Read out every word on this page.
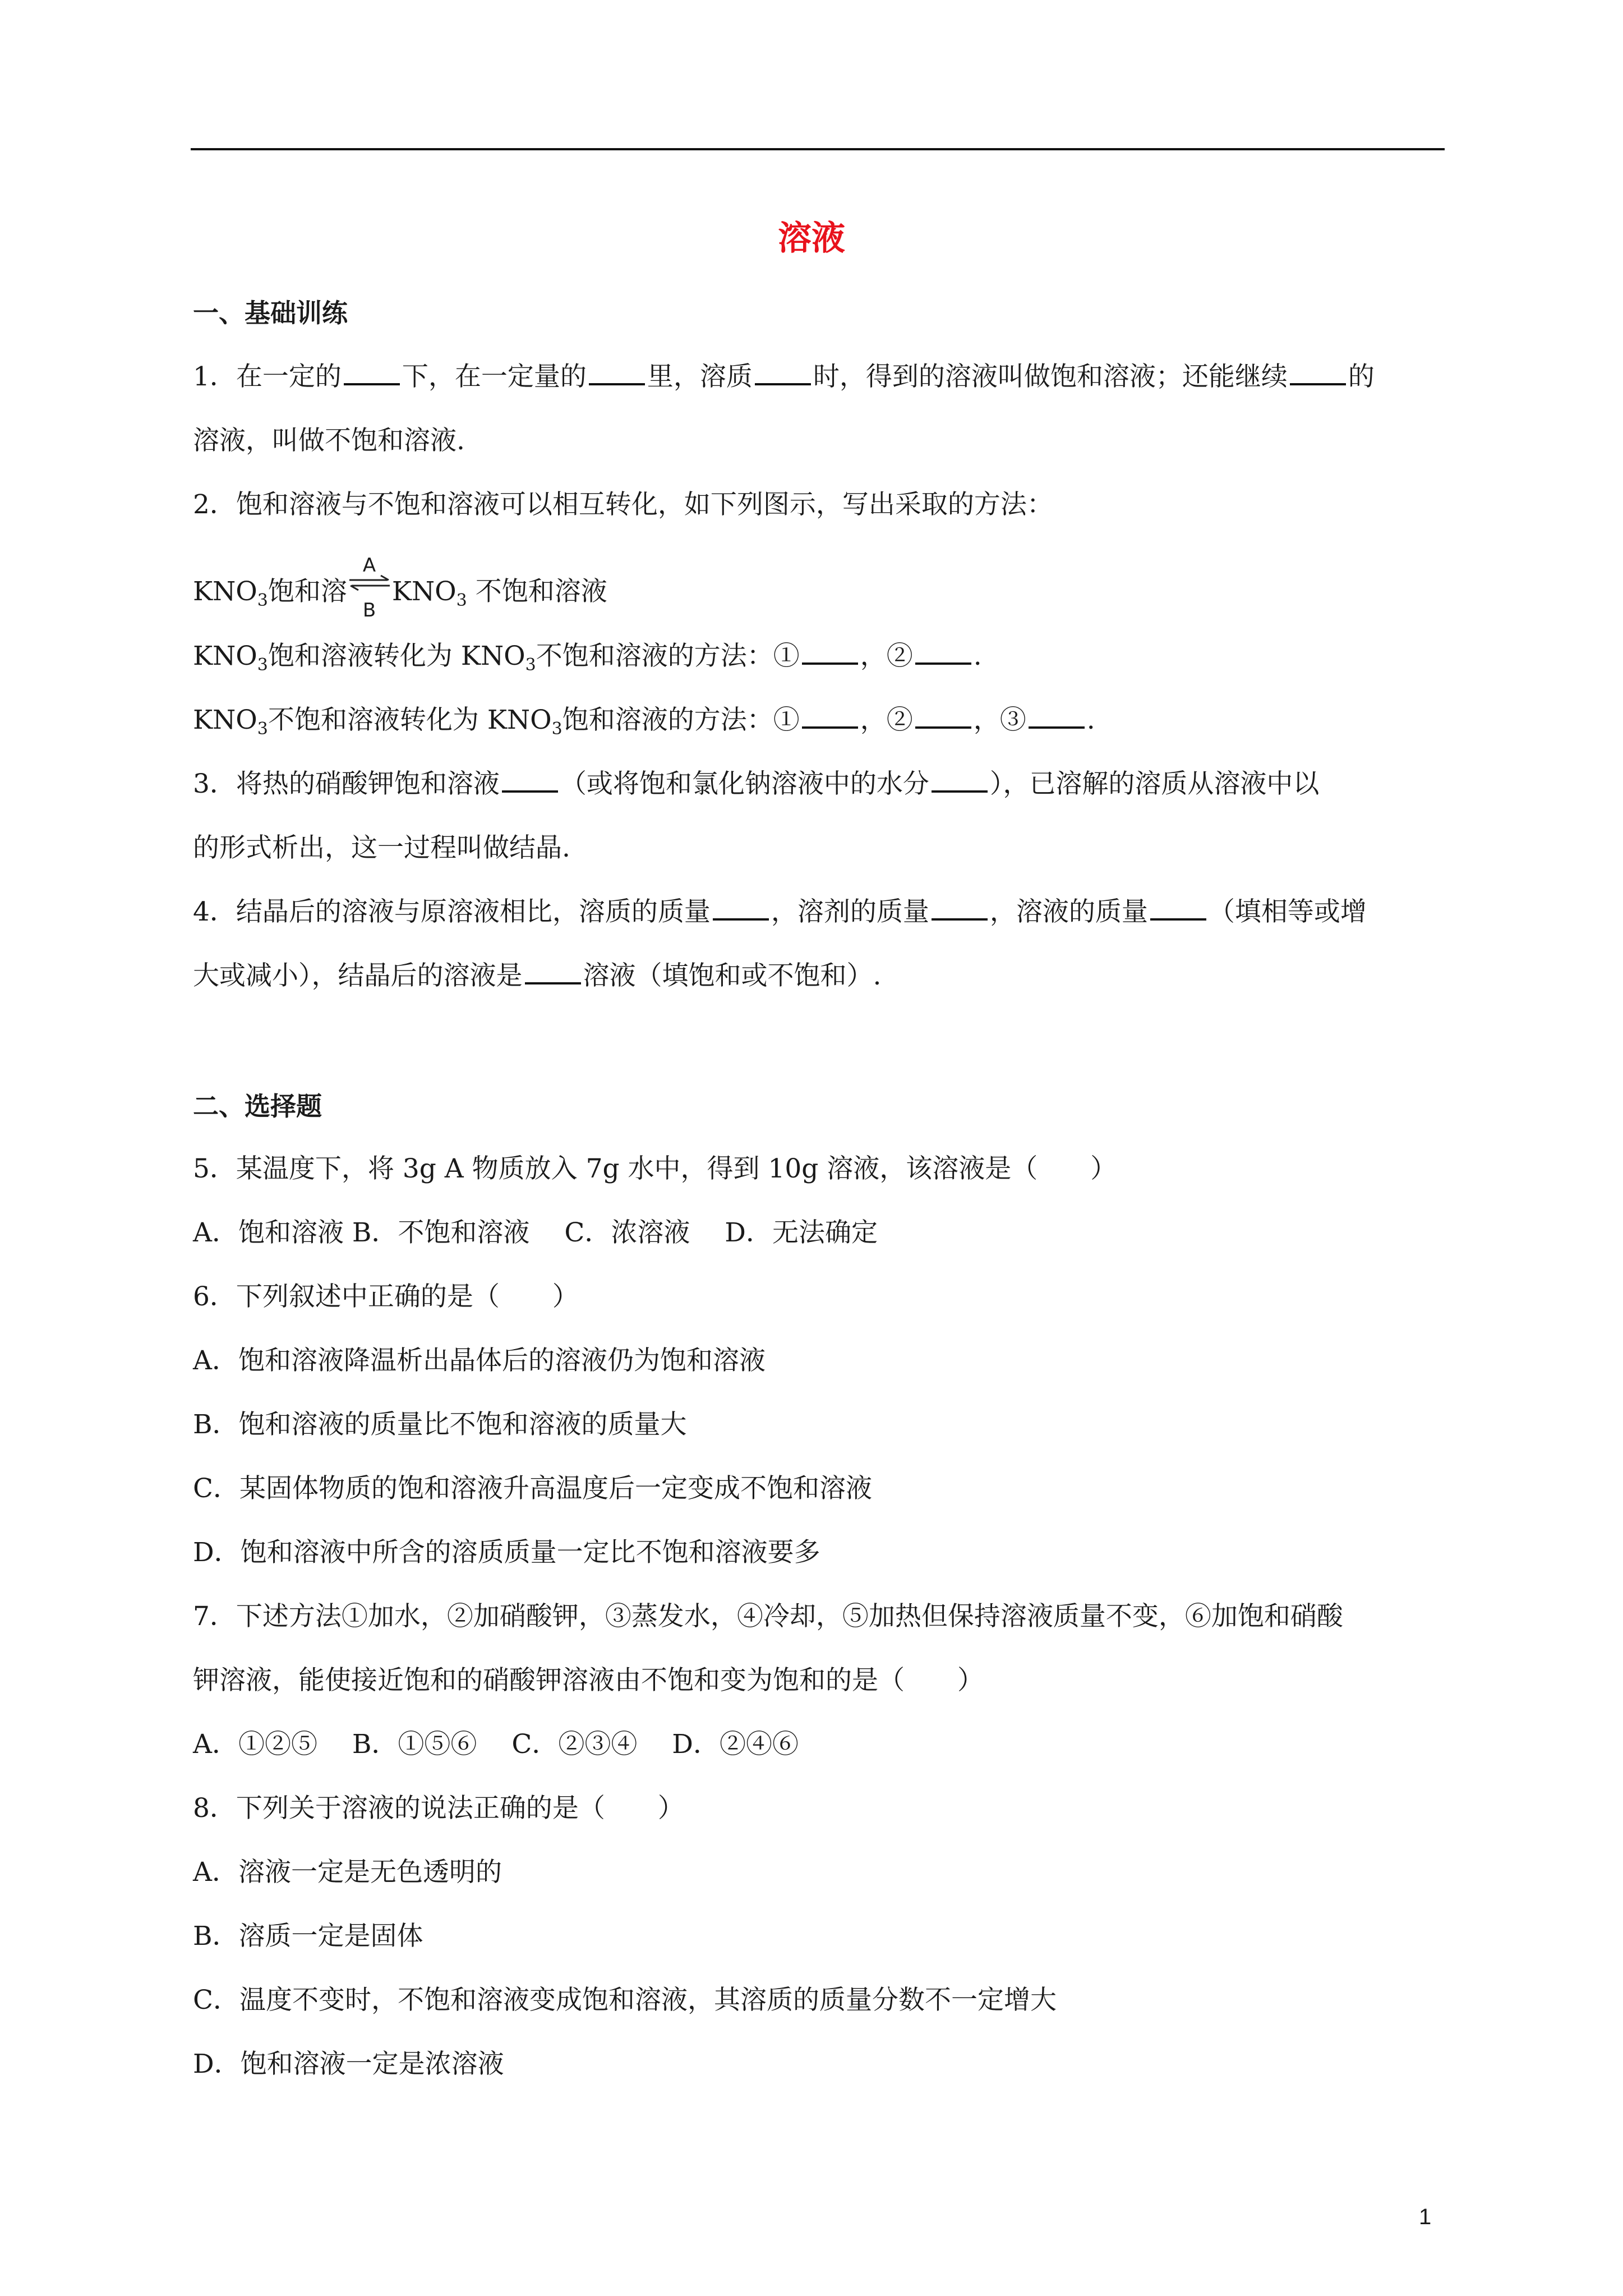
溶液
一、基础训练
1．在一定的 下，在一定量的 里，溶质 时，得到的溶液叫做饱和溶液；还能继续 的
溶液，叫做不饱和溶液.
2．饱和溶液与不饱和溶液可以相互转化，如下列图示，写出采取的方法：
$KNO_3$饱和溶
A
B
$KNO_3$ 不饱和溶液
$KNO_3$饱和溶液转化为 $KNO_3$不饱和溶液的方法：① ，② .
$KNO_3$不饱和溶液转化为 $KNO_3$饱和溶液的方法：① ，② ，③ .
3．将热的硝酸钾饱和溶液 （或将饱和氯化钠溶液中的水分 ），已溶解的溶质从溶液中以
的形式析出，这一过程叫做结晶.
4．结晶后的溶液与原溶液相比，溶质的质量 ，溶剂的质量 ，溶液的质量 （填相等或增
大或减小），结晶后的溶液是 溶液（填饱和或不饱和）.
二、选择题
5．某温度下，将 3g A 物质放入 7g 水中，得到 10g 溶液，该溶液是（　　）
A．饱和溶液 B．不饱和溶液　 C．浓溶液　 D．无法确定
6．下列叙述中正确的是（　　）
A．饱和溶液降温析出晶体后的溶液仍为饱和溶液
B．饱和溶液的质量比不饱和溶液的质量大
C．某固体物质的饱和溶液升高温度后一定变成不饱和溶液
D．饱和溶液中所含的溶质质量一定比不饱和溶液要多
7．下述方法①加水，②加硝酸钾，③蒸发水，④冷却，⑤加热但保持溶液质量不变，⑥加饱和硝酸
钾溶液，能使接近饱和的硝酸钾溶液由不饱和变为饱和的是（　　）
A．①②⑤　 B．①⑤⑥　 C．②③④　 D．②④⑥
8．下列关于溶液的说法正确的是（　　）
A．溶液一定是无色透明的
B．溶质一定是固体
C．温度不变时，不饱和溶液变成饱和溶液，其溶质的质量分数不一定增大
D．饱和溶液一定是浓溶液
1
